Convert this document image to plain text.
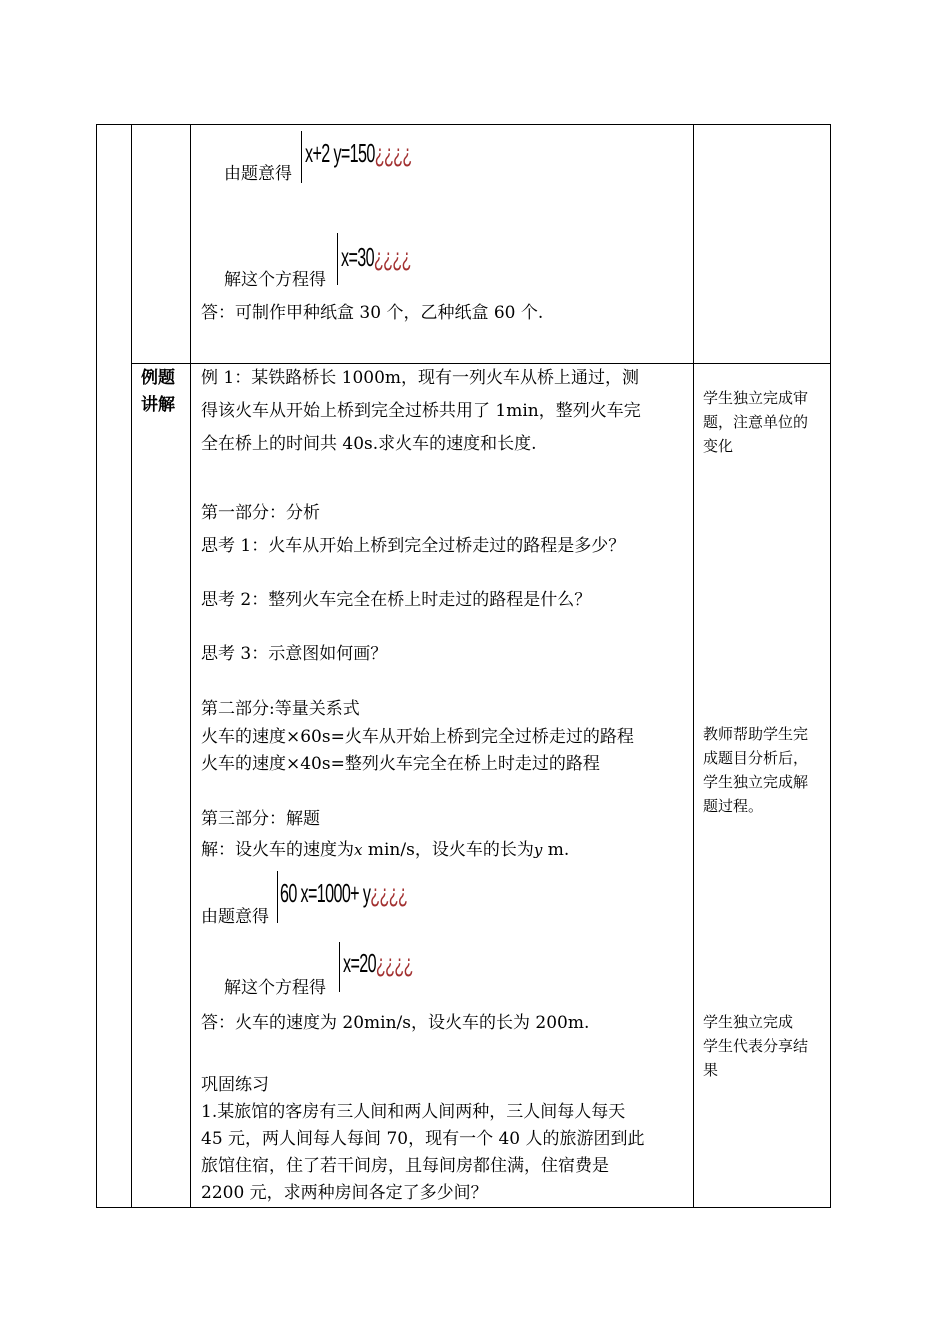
由题意得
x+2 y=150¿¿¿¿
解这个方程得
x=30¿¿¿¿
答：可制作甲种纸盒 30 个，乙种纸盒 60 个.
例题
讲解
例 1：某铁路桥长 1000m，现有一列火车从桥上通过，测
得该火车从开始上桥到完全过桥共用了 1min，整列火车完
全在桥上的时间共 40s.求火车的速度和长度.
第一部分：分析
思考 1：火车从开始上桥到完全过桥走过的路程是多少？
思考 2：整列火车完全在桥上时走过的路程是什么？
思考 3：示意图如何画？
第二部分:等量关系式
火车的速度×60s=火车从开始上桥到完全过桥走过的路程
火车的速度×40s=整列火车完全在桥上时走过的路程
第三部分：解题
解：设火车的速度为x min/s，设火车的长为y m.
由题意得
60 x=1000+ y¿¿¿¿
解这个方程得
x=20¿¿¿¿
答：火车的速度为 20min/s，设火车的长为 200m.
巩固练习
1.某旅馆的客房有三人间和两人间两种，三人间每人每天
45 元，两人间每人每间 70，现有一个 40 人的旅游团到此
旅馆住宿，住了若干间房，且每间房都住满，住宿费是
2200 元，求两种房间各定了多少间？
学生独立完成审
题，注意单位的
变化
教师帮助学生完
成题目分析后，
学生独立完成解
题过程。
学生独立完成
学生代表分享结
果
